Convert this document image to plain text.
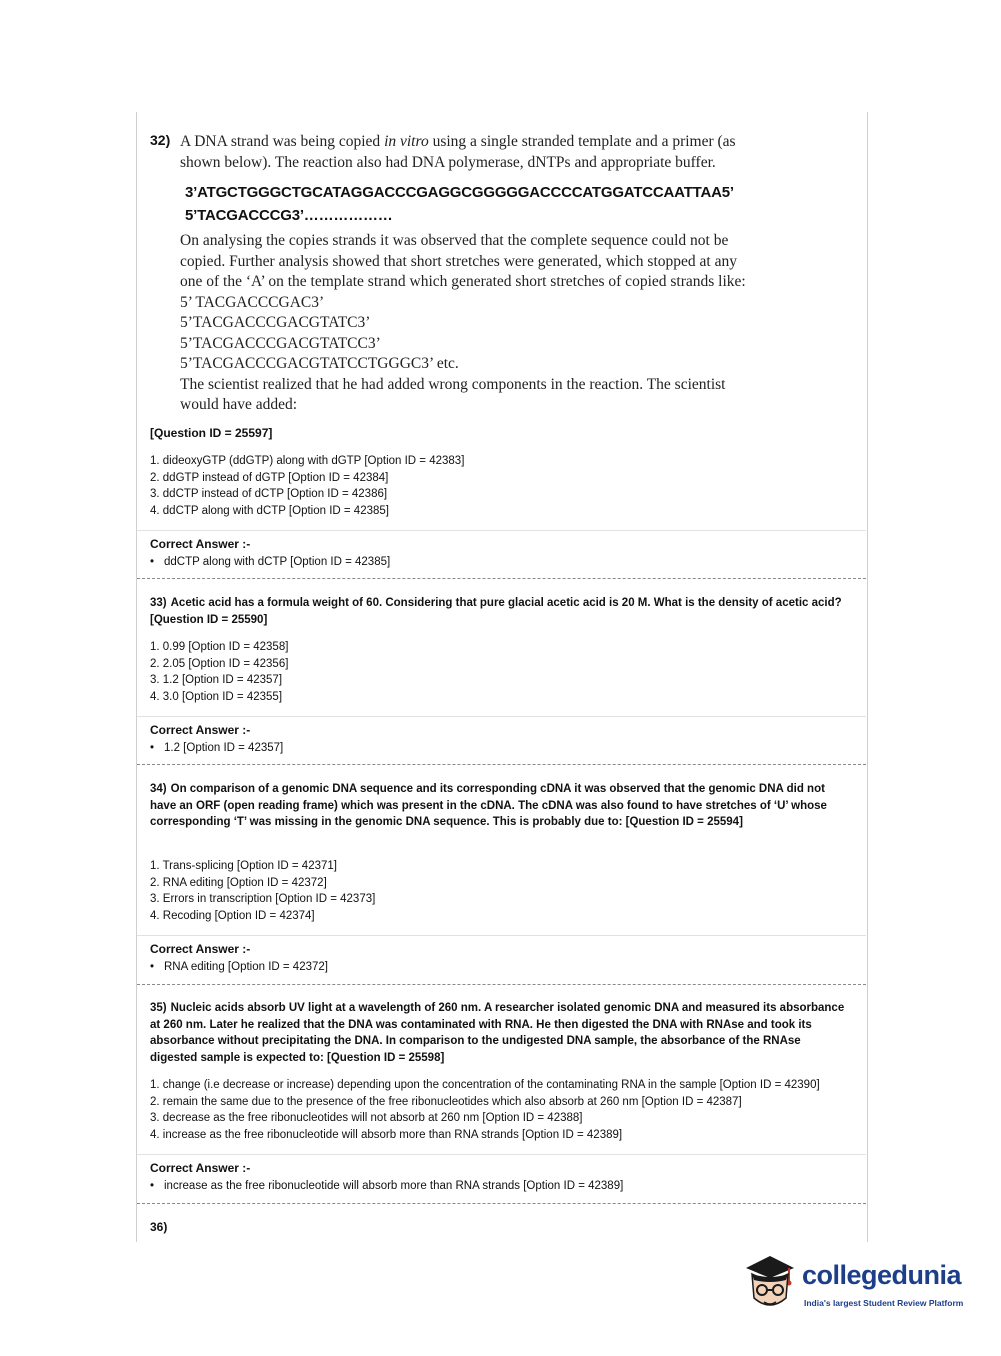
32) A DNA strand was being copied in vitro using a single stranded template and a primer (as
shown below). The reaction also had DNA polymerase, dNTPs and appropriate buffer.
3’ATGCTGGGCTGCATAGGACCCGAGGCGGGGGACCCCATGGATCCAATTAA5’
5’TACGACCCG3’………………

On analysing the copies strands it was observed that the complete sequence could not be

copied. Further analysis showed that short stretches were generated, which stopped at any

one of the ‘A’ on the template strand which generated short stretches of copied strands like:

5’ TACGACCCGAC3’

5’TACGACCCGACGTATC3’

5’TACGACCCGACGTATCC3’

5’TACGACCCGACGTATCCTGGGC3’ etc.

The scientist realized that he had added wrong components in the reaction. The scientist

would have added:

[Question ID = 25597]
1. dideoxyGTP (ddGTP) along with dGTP [Option ID = 42383]
2. ddGTP instead of dGTP [Option ID = 42384]
3. ddCTP instead of dCTP [Option ID = 42386]
4. ddCTP along with dCTP [Option ID = 42385]
Correct Answer :-
• ddCTP along with dCTP [Option ID = 42385]
33) Acetic acid has a formula weight of 60. Considering that pure glacial acetic acid is 20 M. What is the density of acetic acid? [Question ID = 25590]
1. 0.99 [Option ID = 42358]
2. 2.05 [Option ID = 42356]
3. 1.2 [Option ID = 42357]
4. 3.0 [Option ID = 42355]
Correct Answer :-
• 1.2 [Option ID = 42357]
34) On comparison of a genomic DNA sequence and its corresponding cDNA it was observed that the genomic DNA did not have an ORF (open reading frame) which was present in the cDNA. The cDNA was also found to have stretches of ‘U’ whose corresponding ‘T’ was missing in the genomic DNA sequence. This is probably due to: [Question ID = 25594]
1. Trans-splicing [Option ID = 42371]
2. RNA editing [Option ID = 42372]
3. Errors in transcription [Option ID = 42373]
4. Recoding [Option ID = 42374]
Correct Answer :-
• RNA editing [Option ID = 42372]
35) Nucleic acids absorb UV light at a wavelength of 260 nm. A researcher isolated genomic DNA and measured its absorbance at 260 nm. Later he realized that the DNA was contaminated with RNA. He then digested the DNA with RNAse and took its absorbance without precipitating the DNA. In comparison to the undigested DNA sample, the absorbance of the RNAse digested sample is expected to: [Question ID = 25598]
1. change (i.e decrease or increase) depending upon the concentration of the contaminating RNA in the sample [Option ID = 42390]
2. remain the same due to the presence of the free ribonucleotides which also absorb at 260 nm [Option ID = 42387]
3. decrease as the free ribonucleotides will not absorb at 260 nm [Option ID = 42388]
4. increase as the free ribonucleotide will absorb more than RNA strands [Option ID = 42389]
Correct Answer :-
• increase as the free ribonucleotide will absorb more than RNA strands [Option ID = 42389]
36)
collegedunia
India's largest Student Review Platform
